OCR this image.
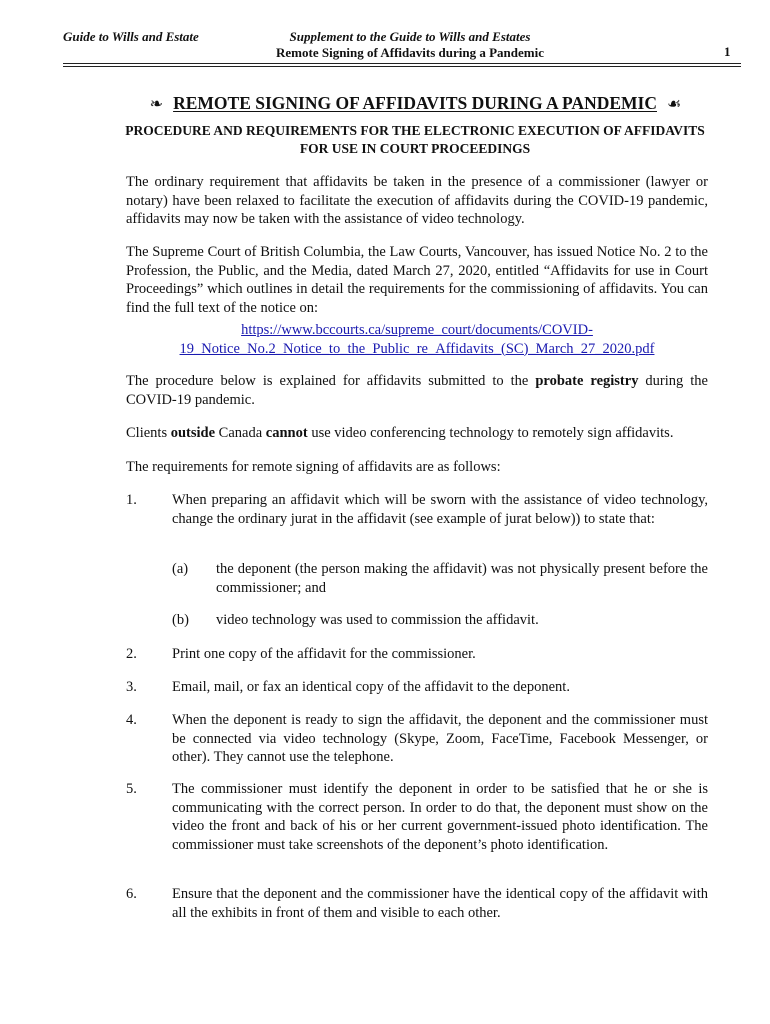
Guide to Wills and Estate	Supplement to the Guide to Wills and Estates
Remote Signing of Affidavits during a Pandemic	1
❧ REMOTE SIGNING OF AFFIDAVITS DURING A PANDEMIC ☙
PROCEDURE AND REQUIREMENTS FOR THE ELECTRONIC EXECUTION OF AFFIDAVITS FOR USE IN COURT PROCEEDINGS
The ordinary requirement that affidavits be taken in the presence of a commissioner (lawyer or notary) have been relaxed to facilitate the execution of affidavits during the COVID-19 pandemic, affidavits may now be taken with the assistance of video technology.
The Supreme Court of British Columbia, the Law Courts, Vancouver, has issued Notice No. 2 to the Profession, the Public, and the Media, dated March 27, 2020, entitled “Affidavits for use in Court Proceedings” which outlines in detail the requirements for the commissioning of affidavits. You can find the full text of the notice on:
https://www.bccourts.ca/supreme_court/documents/COVID-
19_Notice_No.2_Notice_to_the_Public_re_Affidavits_(SC)_March_27_2020.pdf
The procedure below is explained for affidavits submitted to the probate registry during the COVID-19 pandemic.
Clients outside Canada cannot use video conferencing technology to remotely sign affidavits.
The requirements for remote signing of affidavits are as follows:
1. When preparing an affidavit which will be sworn with the assistance of video technology, change the ordinary jurat in the affidavit (see example of jurat below)) to state that:
(a) the deponent (the person making the affidavit) was not physically present before the commissioner; and
(b) video technology was used to commission the affidavit.
2. Print one copy of the affidavit for the commissioner.
3. Email, mail, or fax an identical copy of the affidavit to the deponent.
4. When the deponent is ready to sign the affidavit, the deponent and the commissioner must be connected via video technology (Skype, Zoom, FaceTime, Facebook Messenger, or other). They cannot use the telephone.
5. The commissioner must identify the deponent in order to be satisfied that he or she is communicating with the correct person. In order to do that, the deponent must show on the video the front and back of his or her current government-issued photo identification. The commissioner must take screenshots of the deponent’s photo identification.
6. Ensure that the deponent and the commissioner have the identical copy of the affidavit with all the exhibits in front of them and visible to each other.
